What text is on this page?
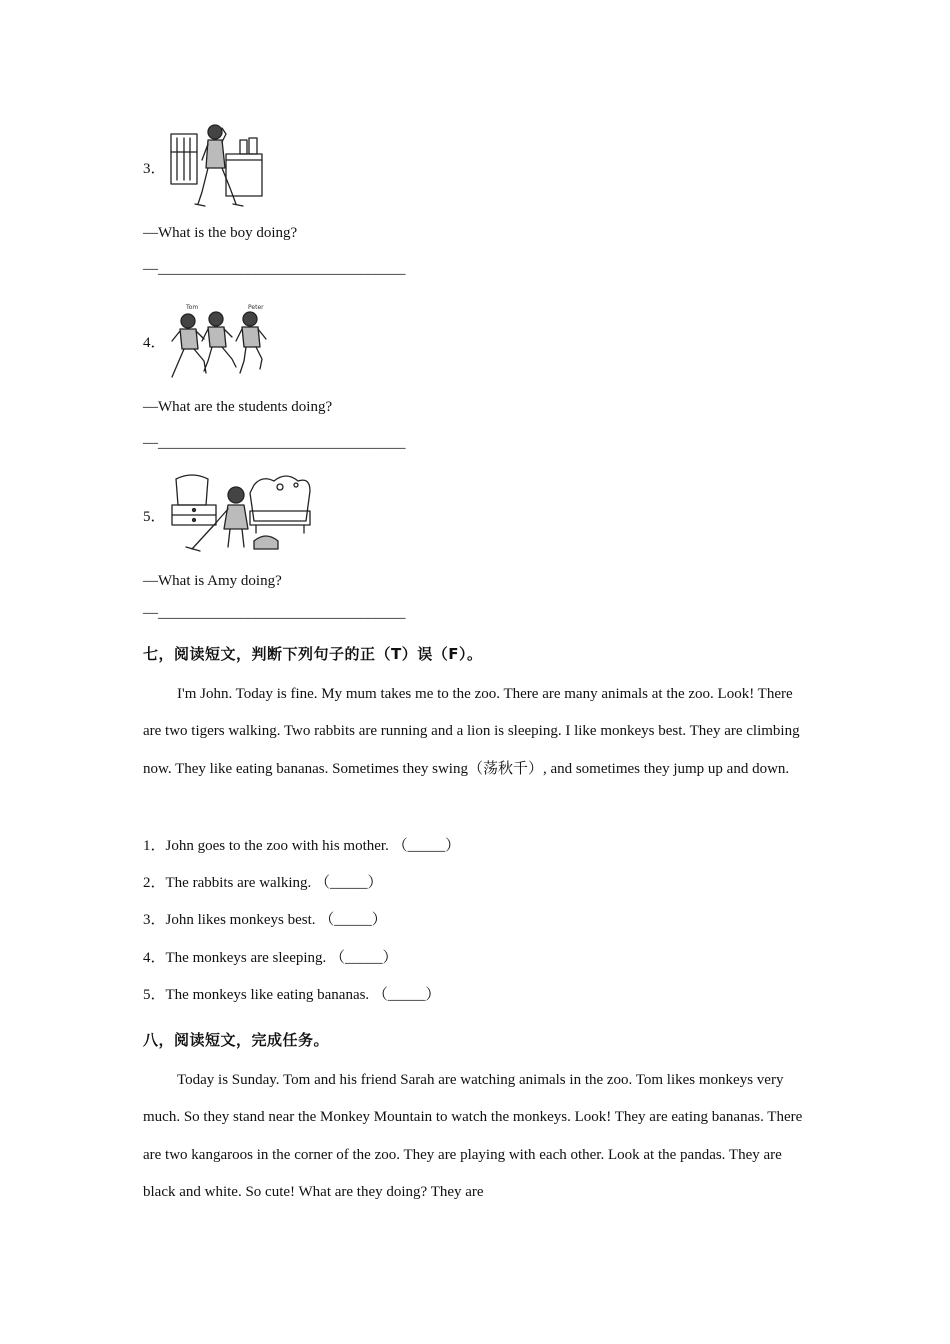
3．
—What is the boy doing?
—_________________________________
4．
Tom	Peter
—What are the students doing?
—_________________________________
5．
—What is Amy doing?
—_________________________________
七，阅读短文，判断下列句子的正（T）误（F）。

I'm John. Today is fine. My mum takes me to the zoo. There are many animals at the zoo. Look! There are two tigers walking. Two rabbits are running and a lion is sleeping. I like monkeys best. They are climbing now. They like eating bananas. Sometimes they swing（荡秋千）, and sometimes they jump up and down.

1．John goes to the zoo with his mother. （_____）
2．The rabbits are walking. （_____）
3．John likes monkeys best. （_____）
4．The monkeys are sleeping. （_____）
5．The monkeys like eating bananas. （_____）
八，阅读短文，完成任务。

Today is Sunday. Tom and his friend Sarah are watching animals in the zoo. Tom likes monkeys very much. So they stand near the Monkey Mountain to watch the monkeys. Look! They are eating bananas. There are two kangaroos in the corner of the zoo. They are playing with each other. Look at the pandas. They are black and white. So cute! What are they doing? They are
